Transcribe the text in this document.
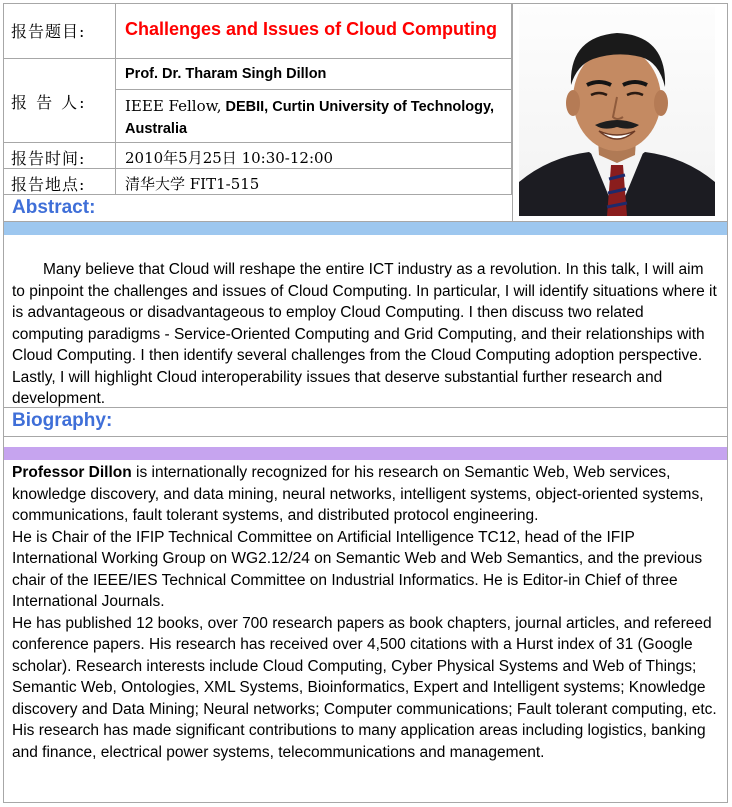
报告题目: Challenges and Issues of Cloud Computing
报 告 人:
Prof. Dr. Tharam Singh Dillon
IEEE Fellow, DEBII, Curtin University of Technology, Australia
报告时间:	2010年5月25日 10:30-12:00
报告地点:	清华大学 FIT1-515
Abstract:

Many believe that Cloud will reshape the entire ICT industry as a revolution. In this talk, I will aim to pinpoint the challenges and issues of Cloud Computing. In particular, I will identify situations where it is advantageous or disadvantageous to employ Cloud Computing. I then discuss two related computing paradigms - Service-Oriented Computing and Grid Computing, and their relationships with Cloud Computing. I then identify several challenges from the Cloud Computing adoption perspective. Lastly, I will highlight Cloud interoperability issues that deserve substantial further research and development.

Biography:

Professor Dillon is internationally recognized for his research on Semantic Web, Web services, knowledge discovery, and data mining, neural networks, intelligent systems, object-oriented systems, communications, fault tolerant systems, and distributed protocol engineering.

He is Chair of the IFIP Technical Committee on Artificial Intelligence TC12, head of the IFIP International Working Group on WG2.12/24 on Semantic Web and Web Semantics, and the previous chair of the IEEE/IES Technical Committee on Industrial Informatics. He is Editor-in Chief of three International Journals.

He has published 12 books, over 700 research papers as book chapters, journal articles, and refereed conference papers. His research has received over 4,500 citations with a Hurst index of 31 (Google scholar). Research interests include Cloud Computing, Cyber Physical Systems and Web of Things; Semantic Web, Ontologies, XML Systems, Bioinformatics, Expert and Intelligent systems; Knowledge discovery and Data Mining; Neural networks; Computer communications; Fault tolerant computing, etc. His research has made significant contributions to many application areas including logistics, banking and finance, electrical power systems, telecommunications and management.
